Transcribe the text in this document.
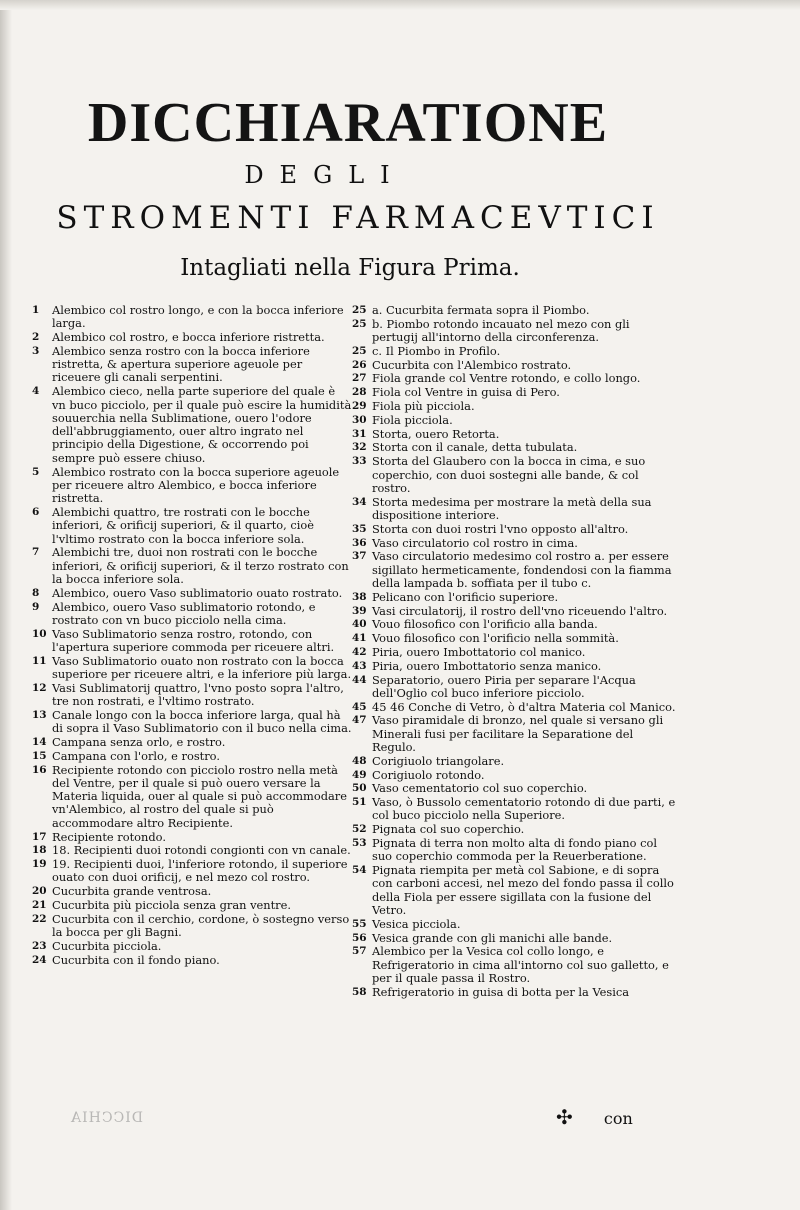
DICCHIARATIONE
DEGLI
STROMENTI FARMACEVTICI
Intagliati nella Figura Prima.
1	Alembico col rostro longo, e con la bocca inferiore larga.
2	Alembico col rostro, e bocca inferiore ristretta.
3	Alembico senza rostro con la bocca inferiore ristretta, & apertura superiore ageuole per riceuere gli canali serpentini.
4	Alembico cieco, nella parte superiore del quale è vn buco picciolo, per il quale può escire la humidità souuerchia nella Sublimatione, ouero l'odore dell'abbruggiamento, ouer altro ingrato nel principio della Digestione, & occorrendo poi sempre può essere chiuso.
5	Alembico rostrato con la bocca superiore ageuole per riceuere altro Alembico, e bocca inferiore ristretta.
6	Alembichi quattro, tre rostrati con le bocche inferiori, & orificij superiori, & il quarto, cioè l'vltimo rostrato con la bocca inferiore sola.
7	Alembichi tre, duoi non rostrati con le bocche inferiori, & orificij superiori, & il terzo rostrato con la bocca inferiore sola.
8	Alembico, ouero Vaso sublimatorio ouato rostrato.
9	Alembico, ouero Vaso sublimatorio rotondo, e rostrato con vn buco picciolo nella cima.
10 Vaso Sublimatorio senza rostro, rotondo, con l'apertura superiore commoda per riceuere altri.
11 Vaso Sublimatorio ouato non rostrato con la bocca superiore per riceuere altri, e la inferiore più larga.
12 Vasi Sublimatorij quattro, l'vno posto sopra l'altro, tre non rostrati, e l'vltimo rostrato.
13 Canale longo con la bocca inferiore larga, qual hà di sopra il Vaso Sublimatorio con il buco nella cima.
14 Campana senza orlo, e rostro.
15 Campana con l'orlo, e rostro.
16 Recipiente rotondo con picciolo rostro nella metà del Ventre, per il quale si può ouero versare la Materia liquida, ouer al quale si può accommodare vn'Alembico, al rostro del quale si può accommodare altro Recipiente.
17 Recipiente rotondo.
18 18. Recipienti duoi rotondi congionti con vn canale.
19 19. Recipienti duoi, l'inferiore rotondo, il superiore ouato con duoi orificij, e nel mezo col rostro.
20 Cucurbita grande ventrosa.
21 Cucurbita più picciola senza gran ventre.
22 Cucurbita con il cerchio, cordone, ò sostegno verso la bocca per gli Bagni.
23 Cucurbita picciola.
24 Cucurbita con il fondo piano.
25 a. Cucurbita fermata sopra il Piombo.
25 b. Piombo rotondo incauato nel mezo con gli pertugij all'intorno della circonferenza.
25 c. Il Piombo in Profilo.
26 Cucurbita con l'Alembico rostrato.
27 Fiola grande col Ventre rotondo, e collo longo.
28 Fiola col Ventre in guisa di Pero.
29 Fiola più picciola.
30 Fiola picciola.
31 Storta, ouero Retorta.
32 Storta con il canale, detta tubulata.
33 Storta del Glaubero con la bocca in cima, e suo coperchio, con duoi sostegni alle bande, & col rostro.
34 Storta medesima per mostrare la metà della sua dispositione interiore.
35 Storta con duoi rostri l'vno opposto all'altro.
36 Vaso circulatorio col rostro in cima.
37 Vaso circulatorio medesimo col rostro a. per essere sigillato hermeticamente, fondendosi con la fiamma della lampada b. soffiata per il tubo c.
38 Pelicano con l'orificio superiore.
39 Vasi circulatorij, il rostro dell'vno riceuendo l'altro.
40 Vouo filosofico con l'orificio alla banda.
41 Vouo filosofico con l'orificio nella sommità.
42 Piria, ouero Imbottatorio col manico.
43 Piria, ouero Imbottatorio senza manico.
44 Separatorio, ouero Piria per separare l'Acqua dell'Oglio col buco inferiore picciolo.
45 45 46 Conche di Vetro, ò d'altra Materia col Manico.
47 Vaso piramidale di bronzo, nel quale si versano gli Minerali fusi per facilitare la Separatione del Regulo.
48 Corigiuolo triangolare.
49 Corigiuolo rotondo.
50 Vaso cementatorio col suo coperchio.
51 Vaso, ò Bussolo cementatorio rotondo di due parti, e col buco picciolo nella Superiore.
52 Pignata col suo coperchio.
53 Pignata di terra non molto alta di fondo piano col suo coperchio commoda per la Reuerberatione.
54 Pignata riempita per metà col Sabione, e di sopra con carboni accesi, nel mezo del fondo passa il collo della Fiola per essere sigillata con la fusione del Vetro.
55 Vesica picciola.
56 Vesica grande con gli manichi alle bande.
57 Alembico per la Vesica col collo longo, e Refrigeratorio in cima all'intorno col suo galletto, e per il quale passa il Rostro.
58 Refrigeratorio in guisa di botta per la Vesica
DICCHIA	✣ con
